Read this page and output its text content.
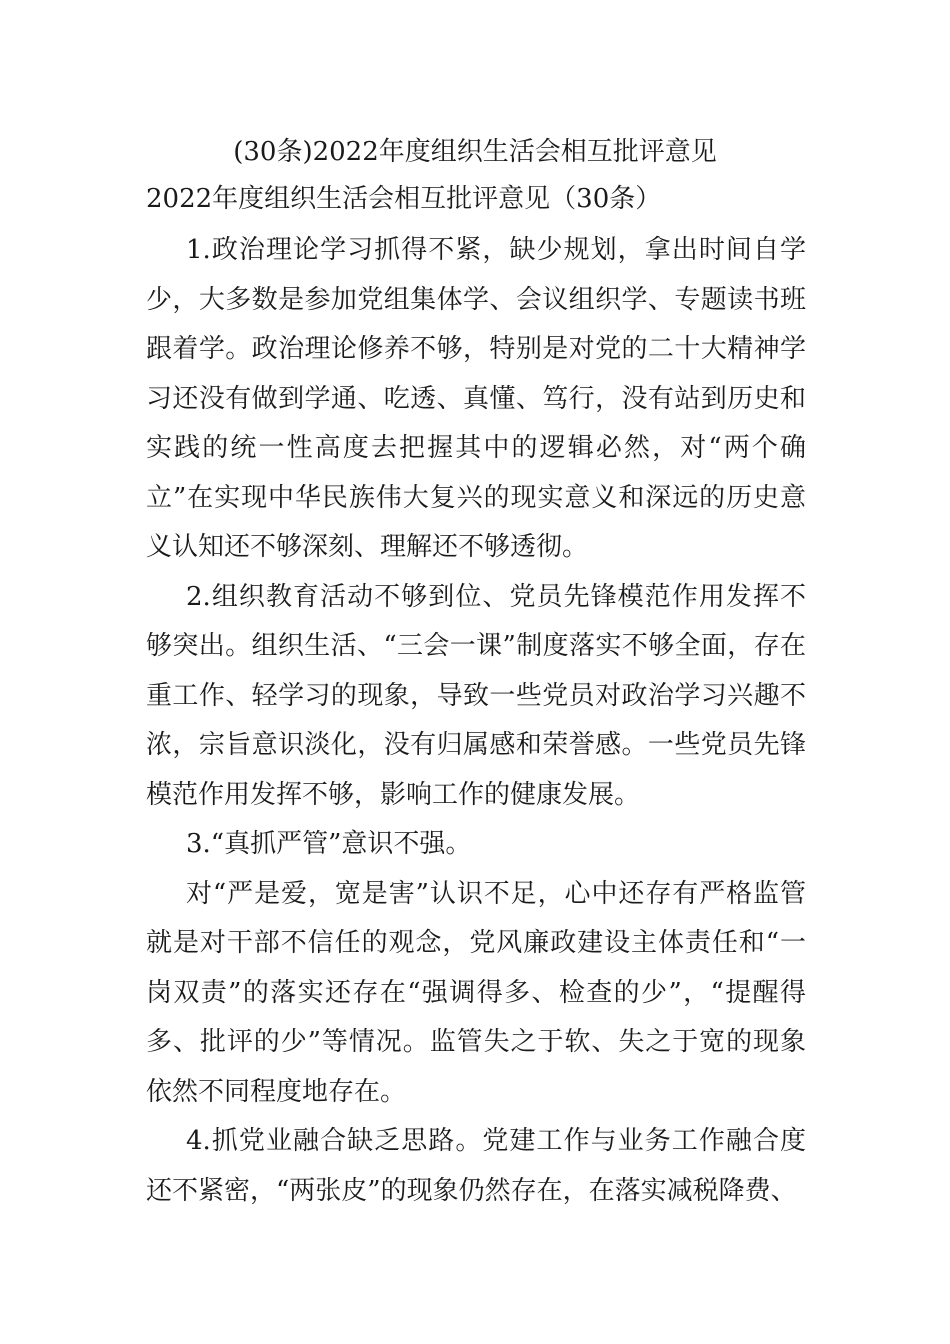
(30条)2022年度组织生活会相互批评意见
2022年度组织生活会相互批评意见（30条）

1.政治理论学习抓得不紧，缺少规划，拿出时间自学少，大多数是参加党组集体学、会议组织学、专题读书班跟着学。政治理论修养不够，特别是对党的二十大精神学习还没有做到学通、吃透、真懂、笃行，没有站到历史和实践的统一性高度去把握其中的逻辑必然，对“两个确立”在实现中华民族伟大复兴的现实意义和深远的历史意义认知还不够深刻、理解还不够透彻。

2.组织教育活动不够到位、党员先锋模范作用发挥不够突出。组织生活、“三会一课”制度落实不够全面，存在重工作、轻学习的现象，导致一些党员对政治学习兴趣不浓，宗旨意识淡化，没有归属感和荣誉感。一些党员先锋模范作用发挥不够，影响工作的健康发展。

3.“真抓严管”意识不强。

对“严是爱，宽是害”认识不足，心中还存有严格监管就是对干部不信任的观念，党风廉政建设主体责任和“一岗双责”的落实还存在“强调得多、检查的少”，“提醒得多、批评的少”等情况。监管失之于软、失之于宽的现象依然不同程度地存在。

4.抓党业融合缺乏思路。党建工作与业务工作融合度还不紧密，“两张皮”的现象仍然存在，在落实减税降费、
